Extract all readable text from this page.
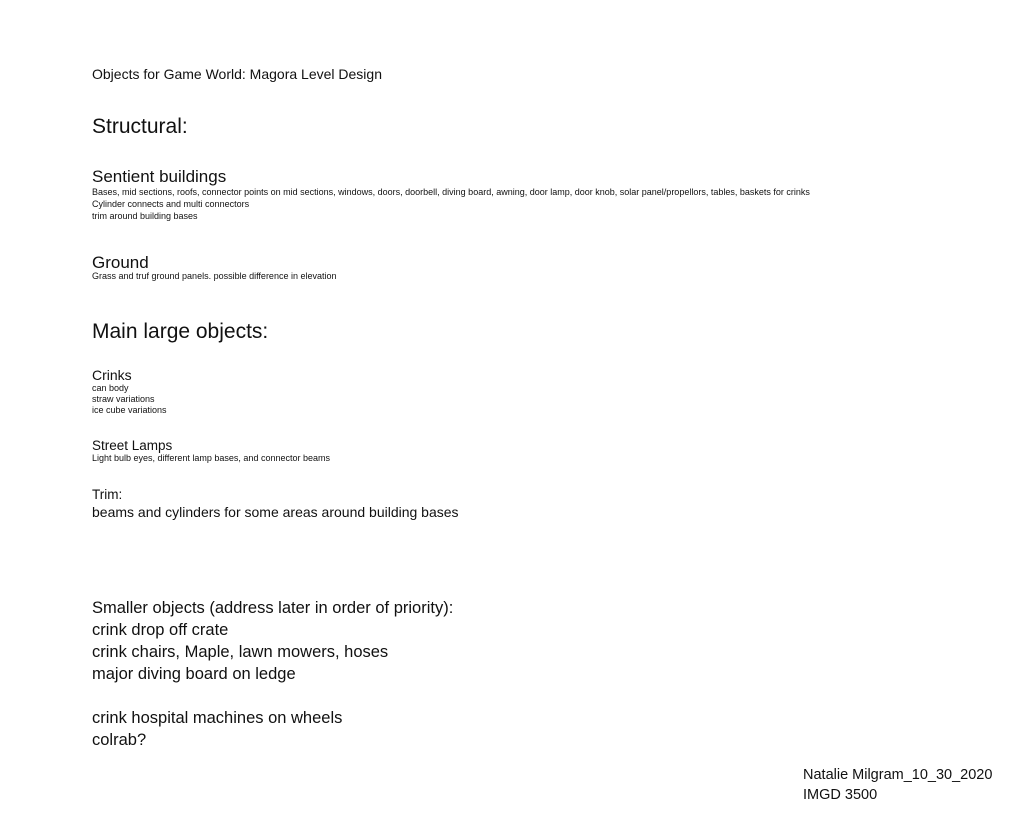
Objects for Game World: Magora Level Design
Structural:
Sentient buildings
Bases, mid sections, roofs, connector points on mid sections, windows, doors, doorbell, diving board, awning, door lamp, door knob, solar panel/propellors, tables, baskets for crinks
Cylinder connects and multi connectors
trim around building bases
Ground
Grass and truf ground panels. possible difference in elevation
Main large objects:
Crinks
can body
straw variations
ice cube variations
Street Lamps
Light bulb eyes, different lamp bases, and connector beams
Trim:
beams and cylinders for some areas around building bases
Smaller objects (address later in order of priority):
crink drop off crate
crink chairs, Maple, lawn mowers, hoses
major diving board on ledge
crink hospital machines on wheels
colrab?
Natalie Milgram_10_30_2020
IMGD 3500
